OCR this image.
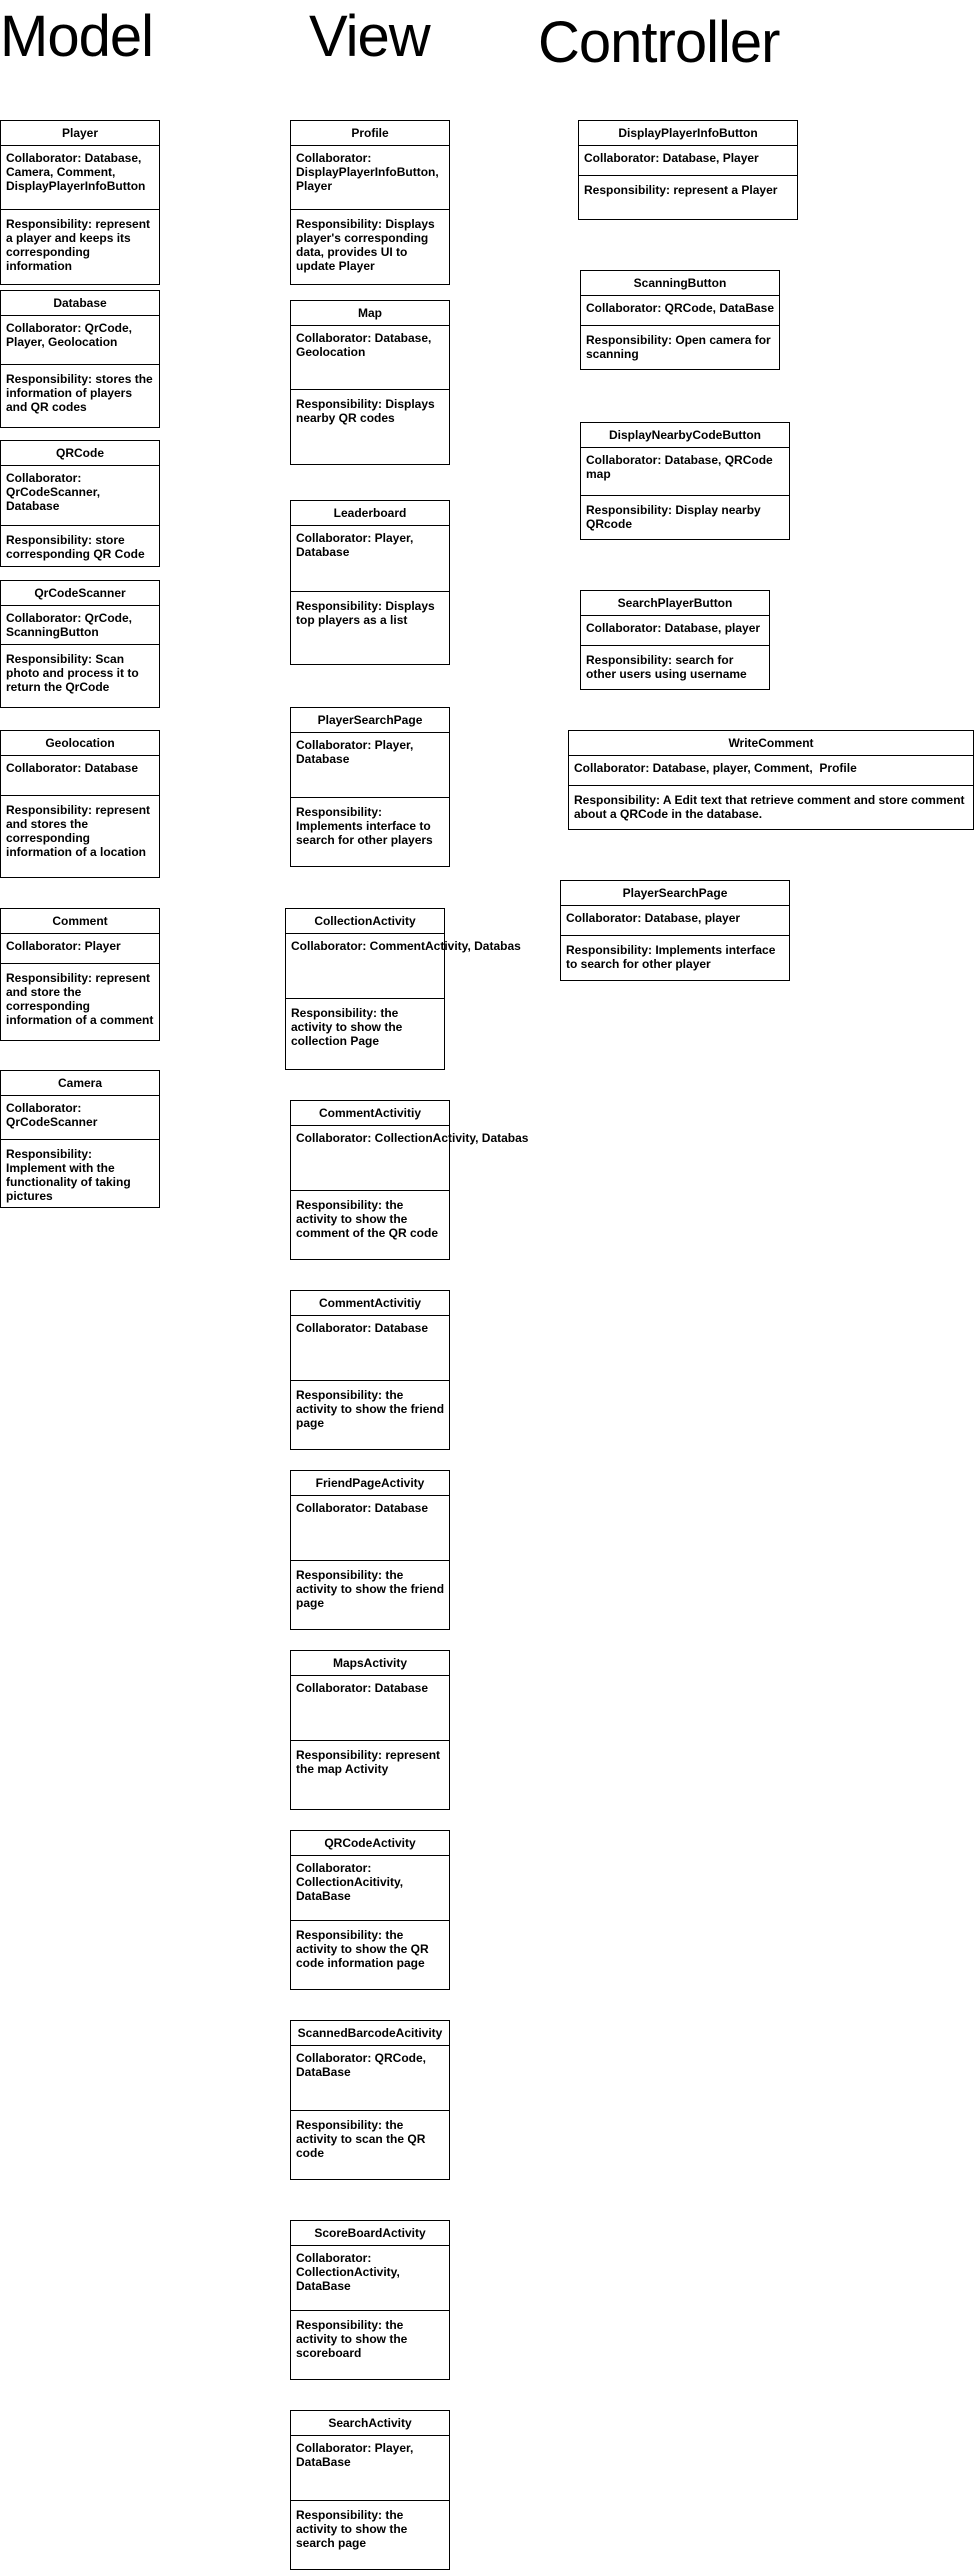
Model	View Controller
Player
Collaborator: Database, Camera, Comment, DisplayPlayerInfoButton
Responsibility: represent a player and keeps its corresponding information
Database
Collaborator: QrCode, Player, Geolocation
Responsibility: stores the information of players and QR codes
QRCode
Collaborator: QrCodeScanner, Database
Responsibility: store corresponding QR Code
QrCodeScanner
Collaborator: QrCode, ScanningButton
Responsibility: Scan photo and process it to return the QrCode
Geolocation
Collaborator: Database
Responsibility: represent and stores the corresponding information of a location
Comment
Collaborator: Player
Responsibility: represent and store the corresponding information of a comment
Camera
Collaborator: QrCodeScanner
Responsibility: Implement with the functionality of taking pictures
Profile
Collaborator: DisplayPlayerInfoButton, Player
Responsibility: Displays player's corresponding data, provides UI to update Player
Map
Collaborator: Database, Geolocation
Responsibility: Displays nearby QR codes
Leaderboard
Collaborator: Player, Database
Responsibility: Displays top players as a list
PlayerSearchPage
Collaborator: Player, Database
Responsibility: Implements interface to search for other players
CollectionActivity
Collaborator: CommentActivity, Databas
Responsibility: the activity to show the collection Page
CommentActivitiy
Collaborator: CollectionActivity, Databas
Responsibility: the activity to show the comment of the QR code
CommentActivitiy
Collaborator: Database
Responsibility: the activity to show the friend page
FriendPageActivity
Collaborator: Database
Responsibility: the activity to show the friend page
MapsActivity
Collaborator: Database
Responsibility: represent the map Activity
QRCodeActivity
Collaborator: CollectionAcitivity, DataBase
Responsibility: the activity to show the QR code information page
ScannedBarcodeAcitivity
Collaborator: QRCode, DataBase
Responsibility: the activity to scan the QR code
ScoreBoardActivity
Collaborator: CollectionActivity, DataBase
Responsibility: the activity to show the scoreboard
SearchActivity
Collaborator: Player, DataBase
Responsibility: the activity to show the search page
DisplayPlayerInfoButton
Collaborator: Database, Player
Responsibility: represent a Player
ScanningButton
Collaborator: QRCode, DataBase
Responsibility: Open camera for scanning
DisplayNearbyCodeButton
Collaborator: Database, QRCode map
Responsibility: Display nearby QRcode
SearchPlayerButton
Collaborator: Database, player
Responsibility: search for other users using username
WriteComment
Collaborator: Database, player, Comment,  Profile
Responsibility: A Edit text that retrieve comment and store comment about a QRCode in the database.
PlayerSearchPage
Collaborator: Database, player
Responsibility: Implements interface to search for other player
